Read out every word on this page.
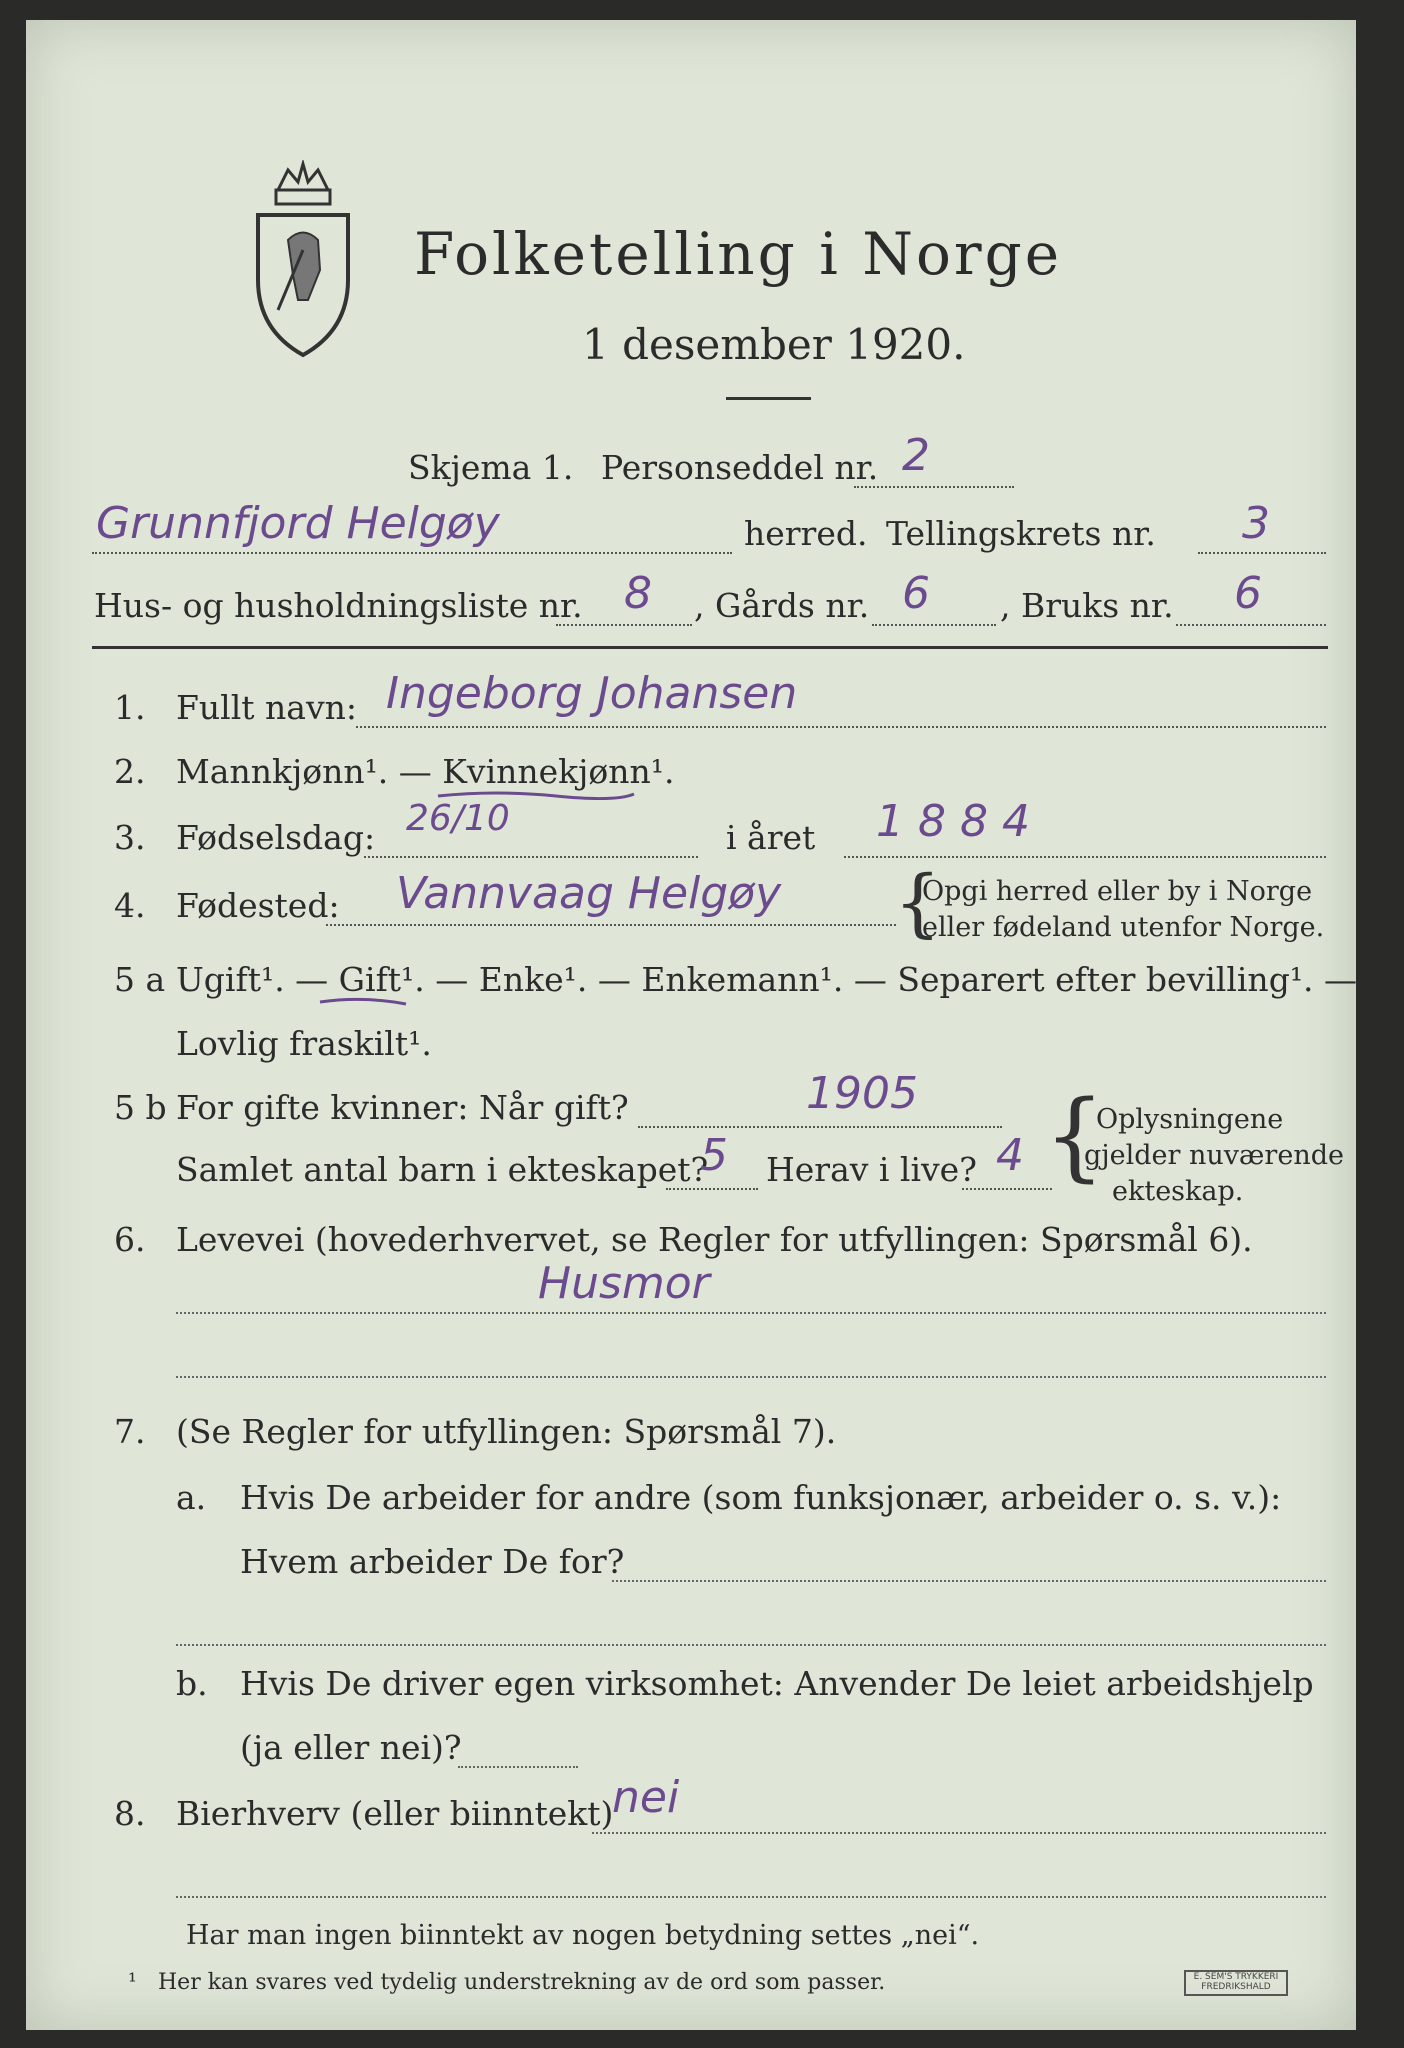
Folketelling i Norge
1 desember 1920.
Skjema 1. Personseddel nr. 2
Grunnfjord Helgøy	herred. Tellingskrets nr. 3
Hus- og husholdningsliste nr. 8 , Gårds nr. 6 , Bruks nr. 6
1. Fullt navn: Ingeborg Johansen
2. Mannkjønn¹. — Kvinnekjønn¹.
3. Fødselsdag: 26/10	i året 1884
4. Fødested: Vannvaag Helgøy {
Opgi herred eller by i Norge
eller fødeland utenfor Norge.
5 a Ugift¹. — Gift¹. — Enke¹. — Enkemann¹. — Separert efter bevilling¹. —
Lovlig fraskilt¹.
5 b For gifte kvinner: Når gift?	1905
Samlet antal barn i ekteskapet?
5 Herav i live? 4 {
Oplysningene
gjelder nuværende
ekteskap.
6. Levevei (hovederhvervet, se Regler for utfyllingen: Spørsmål 6).
Husmor
7. (Se Regler for utfyllingen: Spørsmål 7).
a. Hvis De arbeider for andre (som funksjonær, arbeider o. s. v.):
Hvem arbeider De for?
b. Hvis De driver egen virksomhet: Anvender De leiet arbeidshjelp
(ja eller nei)?
8. Bierhverv (eller biinntekt)
nei
Har man ingen biinntekt av nogen betydning settes „nei“.
¹ Her kan svares ved tydelig understrekning av de ord som passer.	E. SEM'S TRYKKERI FREDRIKSHALD
